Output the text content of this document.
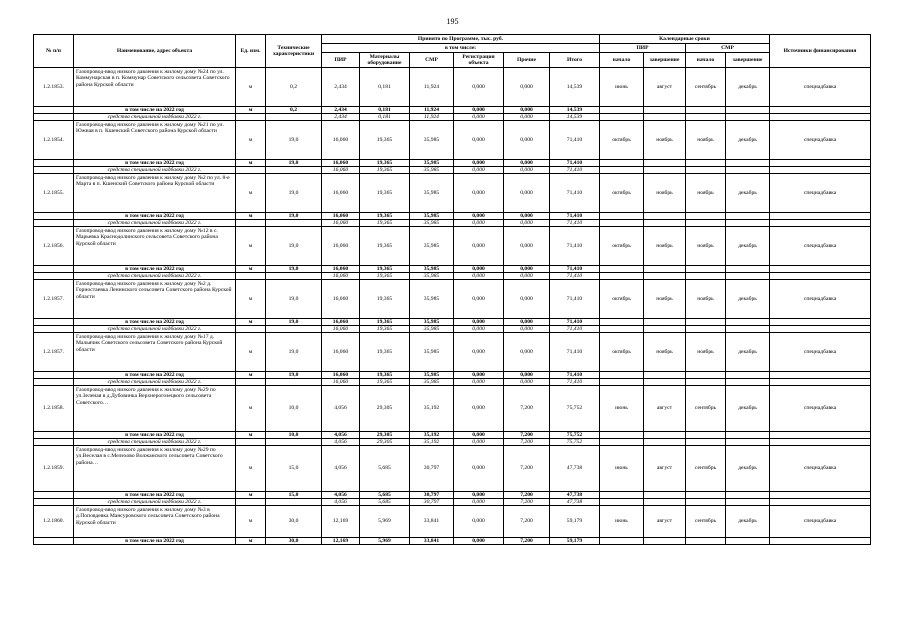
195
№ п/п	Наименование, адрес объекта	Ед. изм.	Технические характеристики	Принято по Программе, тыс. руб.						Календарные сроки				Источники финансирования
				в том числе:						ПИР		СМР		
				ПИР	Материалы оборудование	СМР	Регистрация объекта	Прочие	Итого	начало	завершение	начало	завершение	
1.2.1853.	Газопровод-ввод низкого давления к жилому дому №24 по ул. Коммунарская в п. Коммунар Советского сельсовета Советского района Курской области	м	0,2	2,434	0,181	11,924	0,000	0,000	14,539	июнь	август	сентябрь	декабрь	спецнадбавка
	в том числе на 2022 год	м	0,2	2,434	0,181	11,924	0,000	0,000	14,539					
	средства специальной надбавки 2022 г.			2,434	0,181	11,924	0,000	0,000	14,539					
1.2.1854.	Газопровод-ввод низкого давления к жилому дому №21 по ул. Южная в п. Кшенский Советского района Курской области	м	19,0	16,060	19,365	35,985	0,000	0,000	71,410	октябрь	ноябрь	ноябрь	декабрь	спецнадбавка
	в том числе на 2022 год	м	19,0	16,060	19,365	35,985	0,000	0,000	71,410					
	средства специальной надбавки 2022 г.			16,060	19,365	35,985	0,000	0,000	71,410					
1.2.1855.	Газопровод-ввод низкого давления к жилому дому №2 по ул. 8-е Марта в п. Кшенский Советского района Курской области	м	19,0	16,060	19,365	35,985	0,000	0,000	71,410	октябрь	ноябрь	ноябрь	декабрь	спецнадбавка
	в том числе на 2022 год	м	19,0	16,060	19,365	35,985	0,000	0,000	71,410					
	средства специальной надбавки 2022 г.			16,060	19,365	35,985	0,000	0,000	71,410					
1.2.1856.	Газопровод-ввод низкого давления к жилому дому №12 в с. Марьевка Краснодолинского сельсовета Советского района Курской области	м	19,0	16,060	19,365	35,985	0,000	0,000	71,410	октябрь	ноябрь	ноябрь	декабрь	спецнадбавка
	в том числе на 2022 год	м	19,0	16,060	19,365	35,985	0,000	0,000	71,410					
	средства специальной надбавки 2022 г.			16,060	19,365	35,985	0,000	0,000	71,410					
1.2.1857.	Газопровод-ввод низкого давления к жилому дому №2 д. Горностаевка Ленинского сельсовета Советского района Курской области	м	19,0	16,060	19,365	35,985	0,000	0,000	71,410	октябрь	ноябрь	ноябрь	декабрь	спецнадбавка
	в том числе на 2022 год	м	19,0	16,060	19,365	35,985	0,000	0,000	71,410					
	средства специальной надбавки 2022 г.			16,060	19,365	35,985	0,000	0,000	71,410					
1.2.1857.	Газопровод-ввод низкого давления к жилому дому №17 д. Мальячик Советского сельсовета Советского района Курской области	м	19,0	16,060	19,365	35,985	0,000	0,000	71,410	октябрь	ноябрь	ноябрь	декабрь	спецнадбавка
	в том числе на 2022 год	м	19,0	16,060	19,365	35,985	0,000	0,000	71,410					
	средства специальной надбавки 2022 г.			16,060	19,365	35,985	0,000	0,000	71,410					
1.2.1858.	Газопровод-ввод низкого давления к жилому дому №29 по ул.Зеленая в д.Дубовинка Верхнерогозецкого сельсовета Советского…	м	10,0	4,056	29,305	35,192	0,000	7,200	75,752	июнь	август	сентябрь	декабрь	спецнадбавка
	в том числе на 2022 год	м	10,0	4,056	29,305	35,192	0,000	7,200	75,752					
	средства специальной надбавки 2022 г.			4,056	29,305	35,192	0,000	7,200	75,752					
1.2.1859.	Газопровод-ввод низкого давления к жилому дому №29 по ул.Веселая в с.Мелехово Волжанского сельсовета Советского района…	м	15,0	4,056	5,685	30,797	0,000	7,200	47,738	июнь	август	сентябрь	декабрь	спецнадбавка
	в том числе на 2022 год	м	15,0	4,056	5,685	30,797	0,000	7,200	47,738					
	средства специальной надбавки 2022 г.			4,056	5,685	30,797	0,000	7,200	47,738					
1.2.1860.	Газопровод-ввод низкого давления к жилому дому №3 в д.Поповдевка Мансуровского сельсовета Советского района Курской области	м	30,0	12,169	5,969	33,841	0,000	7,200	59,179	июнь	август	сентябрь	декабрь	спецнадбавка
	в том числе на 2022 год	м	30,0	12,169	5,969	33,841	0,000	7,200	59,179					
